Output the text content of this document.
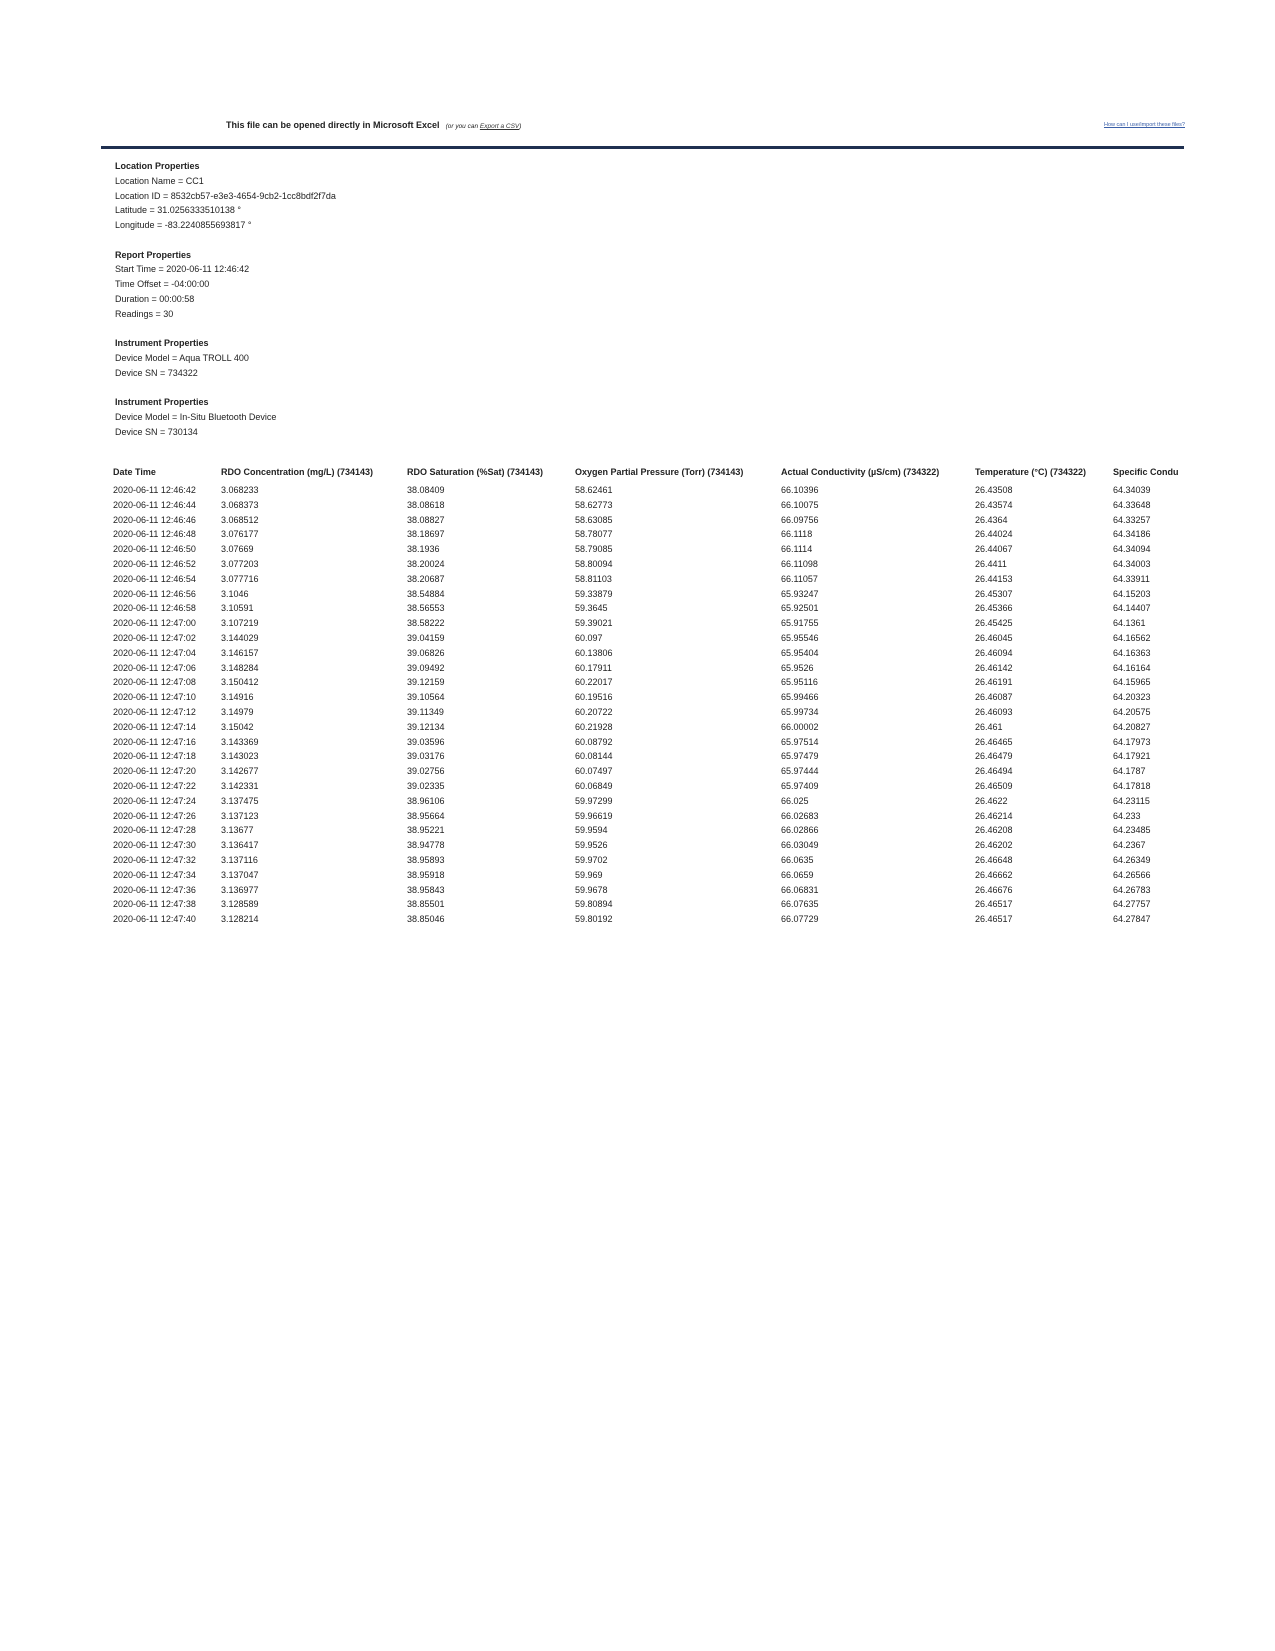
This file can be opened directly in Microsoft Excel (or you can Export a CSV)	How can I use/import these files?
Location Properties
Location Name = CC1
Location ID = 8532cb57-e3e3-4654-9cb2-1cc8bdf2f7da
Latitude = 31.0256333510138 °
Longitude = -83.2240855693817 °
Report Properties
Start Time = 2020-06-11 12:46:42
Time Offset = -04:00:00
Duration = 00:00:58
Readings = 30
Instrument Properties
Device Model = Aqua TROLL 400
Device SN = 734322
Instrument Properties
Device Model = In-Situ Bluetooth Device
Device SN = 730134
Date Time	RDO Concentration (mg/L) (734143)	RDO Saturation (%Sat) (734143)	Oxygen Partial Pressure (Torr) (734143)	Actual Conductivity (µS/cm) (734322)	Temperature (°C) (734322)	Specific Condu
2020-06-11 12:46:42	3.068233	38.08409	58.62461	66.10396	26.43508	64.34039
2020-06-11 12:46:44	3.068373	38.08618	58.62773	66.10075	26.43574	64.33648
2020-06-11 12:46:46	3.068512	38.08827	58.63085	66.09756	26.4364	64.33257
2020-06-11 12:46:48	3.076177	38.18697	58.78077	66.1118	26.44024	64.34186
2020-06-11 12:46:50	3.07669	38.1936	58.79085	66.1114	26.44067	64.34094
2020-06-11 12:46:52	3.077203	38.20024	58.80094	66.11098	26.4411	64.34003
2020-06-11 12:46:54	3.077716	38.20687	58.81103	66.11057	26.44153	64.33911
2020-06-11 12:46:56	3.1046	38.54884	59.33879	65.93247	26.45307	64.15203
2020-06-11 12:46:58	3.10591	38.56553	59.3645	65.92501	26.45366	64.14407
2020-06-11 12:47:00	3.107219	38.58222	59.39021	65.91755	26.45425	64.1361
2020-06-11 12:47:02	3.144029	39.04159	60.097	65.95546	26.46045	64.16562
2020-06-11 12:47:04	3.146157	39.06826	60.13806	65.95404	26.46094	64.16363
2020-06-11 12:47:06	3.148284	39.09492	60.17911	65.9526	26.46142	64.16164
2020-06-11 12:47:08	3.150412	39.12159	60.22017	65.95116	26.46191	64.15965
2020-06-11 12:47:10	3.14916	39.10564	60.19516	65.99466	26.46087	64.20323
2020-06-11 12:47:12	3.14979	39.11349	60.20722	65.99734	26.46093	64.20575
2020-06-11 12:47:14	3.15042	39.12134	60.21928	66.00002	26.461	64.20827
2020-06-11 12:47:16	3.143369	39.03596	60.08792	65.97514	26.46465	64.17973
2020-06-11 12:47:18	3.143023	39.03176	60.08144	65.97479	26.46479	64.17921
2020-06-11 12:47:20	3.142677	39.02756	60.07497	65.97444	26.46494	64.1787
2020-06-11 12:47:22	3.142331	39.02335	60.06849	65.97409	26.46509	64.17818
2020-06-11 12:47:24	3.137475	38.96106	59.97299	66.025	26.4622	64.23115
2020-06-11 12:47:26	3.137123	38.95664	59.96619	66.02683	26.46214	64.233
2020-06-11 12:47:28	3.13677	38.95221	59.9594	66.02866	26.46208	64.23485
2020-06-11 12:47:30	3.136417	38.94778	59.9526	66.03049	26.46202	64.2367
2020-06-11 12:47:32	3.137116	38.95893	59.9702	66.0635	26.46648	64.26349
2020-06-11 12:47:34	3.137047	38.95918	59.969	66.0659	26.46662	64.26566
2020-06-11 12:47:36	3.136977	38.95843	59.9678	66.06831	26.46676	64.26783
2020-06-11 12:47:38	3.128589	38.85501	59.80894	66.07635	26.46517	64.27757
2020-06-11 12:47:40	3.128214	38.85046	59.80192	66.07729	26.46517	64.27847
